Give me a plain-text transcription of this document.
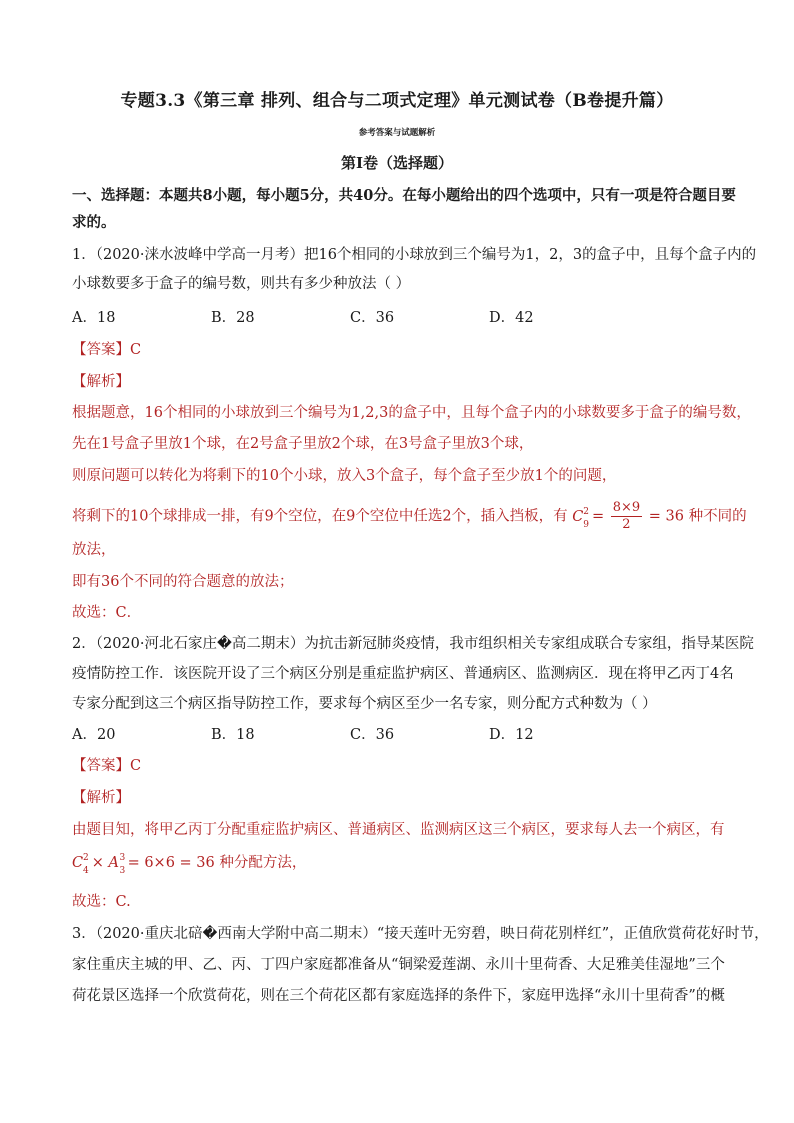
专题3.3《第三章 排列、组合与二项式定理》单元测试卷（B卷提升篇）
参考答案与试题解析
第Ⅰ卷（选择题）
一、选择题：本题共8小题，每小题5分，共40分。在每小题给出的四个选项中，只有一项是符合题目要
求的。
1．（2020·涞水波峰中学高一月考）把16个相同的小球放到三个编号为1，2，3的盒子中，且每个盒子内的
小球数要多于盒子的编号数，则共有多少种放法（ ）
A．18	B．28	C．36	D．42
【答案】C
【解析】
根据题意，16个相同的小球放到三个编号为1,2,3的盒子中，且每个盒子内的小球数要多于盒子的编号数，
先在1号盒子里放1个球，在2号盒子里放2个球，在3号盒子里放3个球，
则原问题可以转化为将剩下的10个小球，放入3个盒子，每个盒子至少放1个的问题，
将剩下的10个球排成一排，有9个空位，在9个空位中任选2个，插入挡板，有 C 2
$9 = \frac{8\times 9}{2} = 36$ 种不同的
放法，
即有36个不同的符合题意的放法；
故选：C．
2．（2020·河北石家庄�高二期末）为抗击新冠肺炎疫情，我市组织相关专家组成联合专家组，指导某医院
疫情防控工作．该医院开设了三个病区分别是重症监护病区、普通病区、监测病区．现在将甲乙丙丁4名
专家分配到这三个病区指导防控工作，要求每个病区至少一名专家，则分配方式种数为（ ）
A．20	B．18	C．36	D．12
【答案】C
【解析】
由题目知，将甲乙丙丁分配重症监护病区、普通病区、监测病区这三个病区，要求每人去一个病区，有
C 2
4 × A 3
3 = 6×6 = 36 种分配方法，
故选：C.
3．（2020·重庆北碚�西南大学附中高二期末）“接天莲叶无穷碧，映日荷花别样红”，正值欣赏荷花好时节，
家住重庆主城的甲、乙、丙、丁四户家庭都准备从“铜梁爱莲湖、永川十里荷香、大足雅美佳湿地”三个
荷花景区选择一个欣赏荷花，则在三个荷花区都有家庭选择的条件下，家庭甲选择“永川十里荷香”的概
